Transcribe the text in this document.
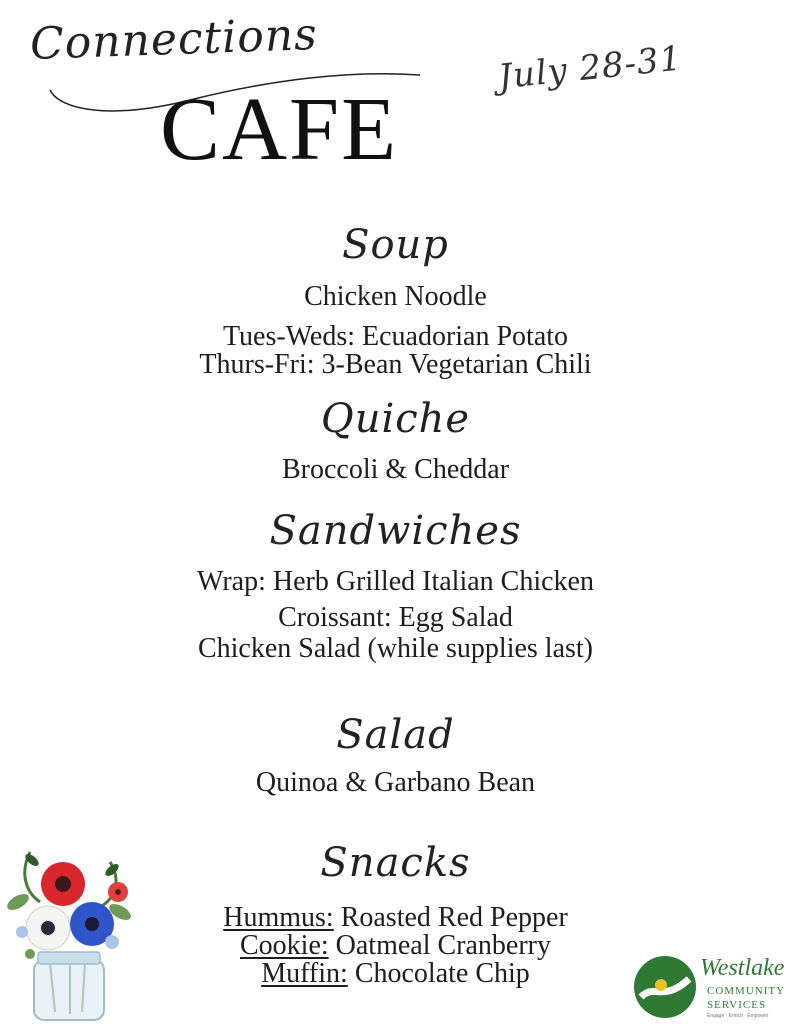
Connections
CAFE
July 28-31
Soup
Chicken Noodle
Tues-Weds: Ecuadorian Potato
Thurs-Fri: 3-Bean Vegetarian Chili
Quiche
Broccoli & Cheddar
Sandwiches
Wrap: Herb Grilled Italian Chicken
Croissant: Egg Salad
Chicken Salad (while supplies last)
Salad
Quinoa & Garbano Bean
Snacks
Hummus: Roasted Red Pepper
Cookie: Oatmeal Cranberry
Muffin: Chocolate Chip	Westlake
COMMUNITY
SERVICES
Engage · Enrich · Empower
